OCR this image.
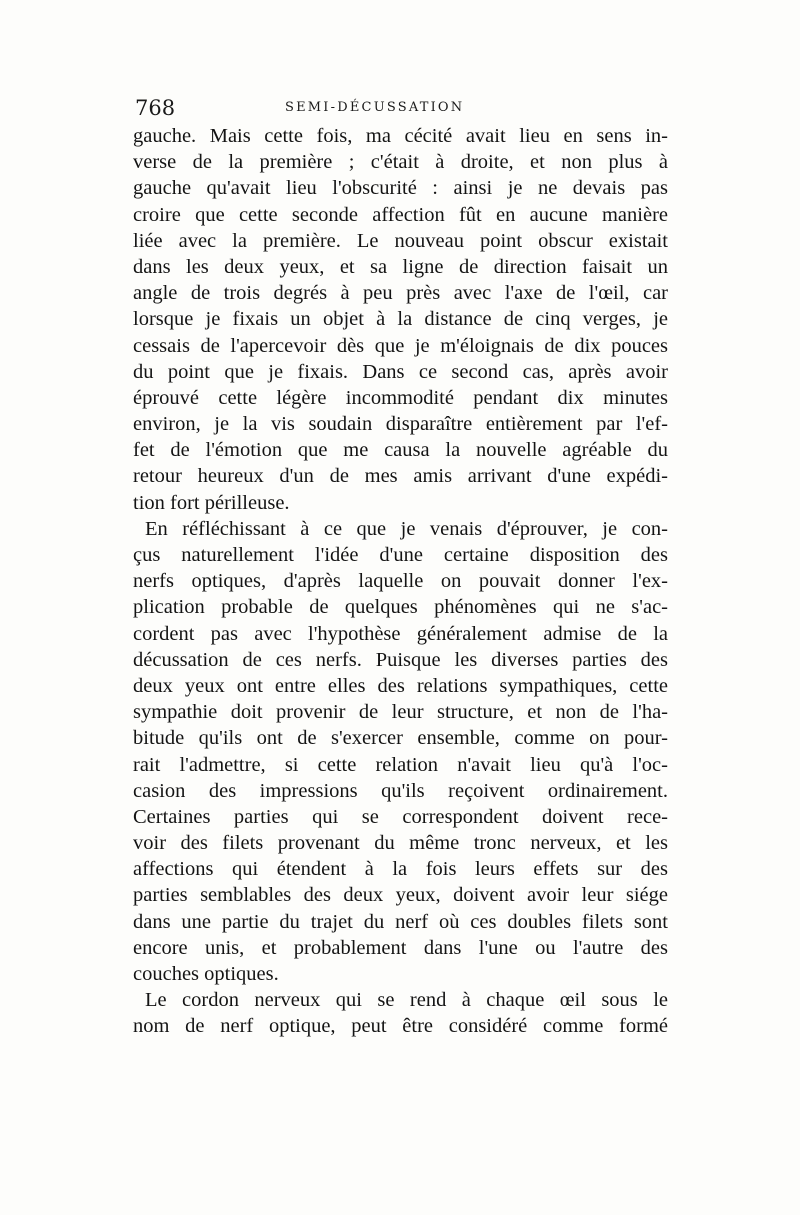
768	SEMI-DÉCUSSATION
gauche. Mais cette fois, ma cécité avait lieu en sens in-
verse de la première ; c'était à droite, et non plus à
gauche qu'avait lieu l'obscurité : ainsi je ne devais pas
croire que cette seconde affection fût en aucune manière
liée avec la première. Le nouveau point obscur existait
dans les deux yeux, et sa ligne de direction faisait un
angle de trois degrés à peu près avec l'axe de l'œil, car
lorsque je fixais un objet à la distance de cinq verges, je
cessais de l'apercevoir dès que je m'éloignais de dix pouces
du point que je fixais. Dans ce second cas, après avoir
éprouvé cette légère incommodité pendant dix minutes
environ, je la vis soudain disparaître entièrement par l'ef-
fet de l'émotion que me causa la nouvelle agréable du
retour heureux d'un de mes amis arrivant d'une expédi-
tion fort périlleuse.
En réfléchissant à ce que je venais d'éprouver, je con-
çus naturellement l'idée d'une certaine disposition des
nerfs optiques, d'après laquelle on pouvait donner l'ex-
plication probable de quelques phénomènes qui ne s'ac-
cordent pas avec l'hypothèse généralement admise de la
décussation de ces nerfs. Puisque les diverses parties des
deux yeux ont entre elles des relations sympathiques, cette
sympathie doit provenir de leur structure, et non de l'ha-
bitude qu'ils ont de s'exercer ensemble, comme on pour-
rait l'admettre, si cette relation n'avait lieu qu'à l'oc-
casion des impressions qu'ils reçoivent ordinairement.
Certaines parties qui se correspondent doivent rece-
voir des filets provenant du même tronc nerveux, et les
affections qui étendent à la fois leurs effets sur des
parties semblables des deux yeux, doivent avoir leur siége
dans une partie du trajet du nerf où ces doubles filets sont
encore unis, et probablement dans l'une ou l'autre des
couches optiques.
Le cordon nerveux qui se rend à chaque œil sous le
nom de nerf optique, peut être considéré comme formé
